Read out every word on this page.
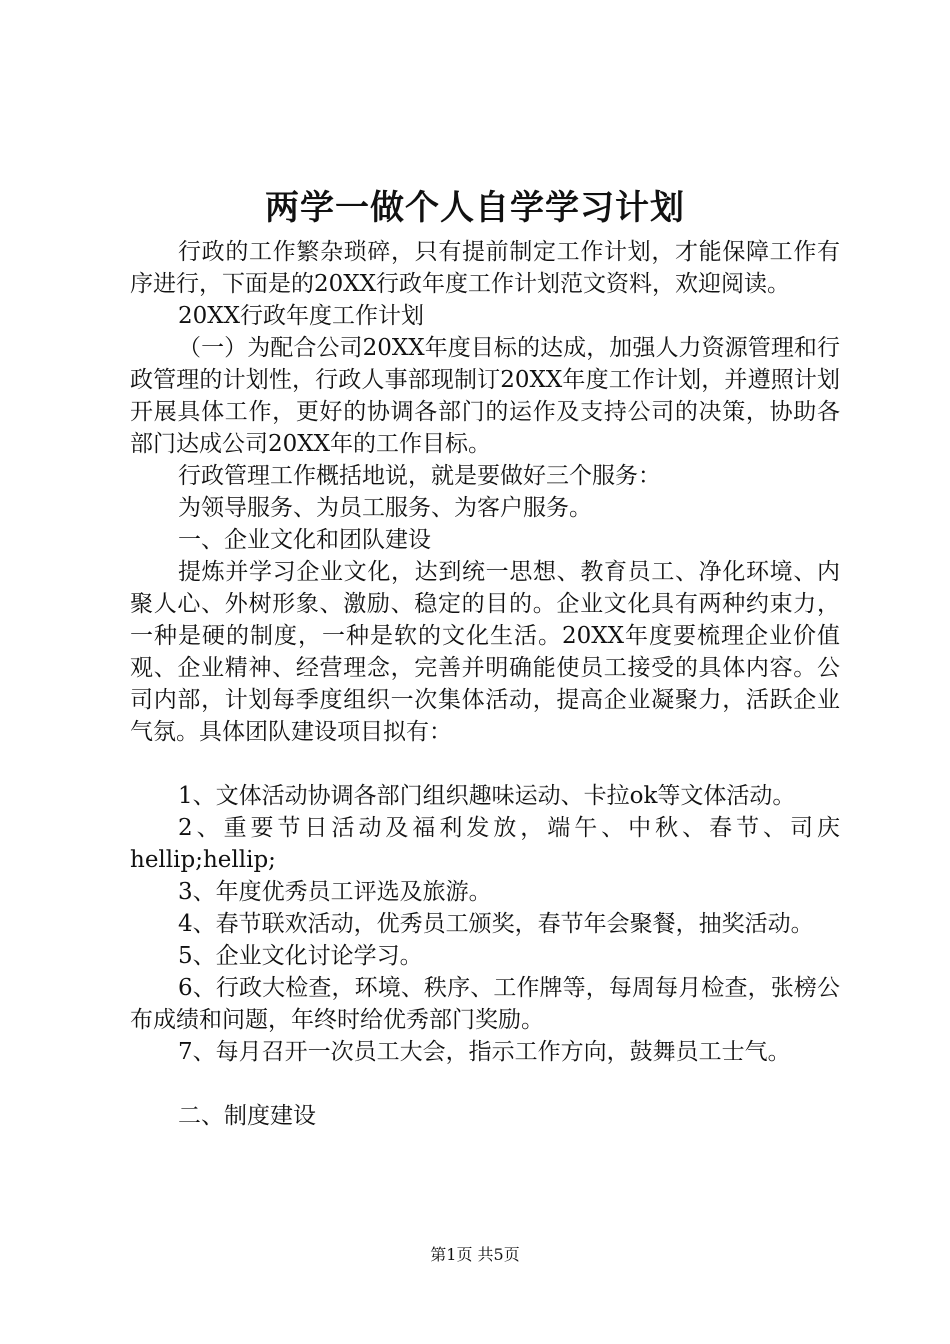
两学一做个人自学学习计划

行政的工作繁杂琐碎，只有提前制定工作计划，才能保障工作有序进行，下面是的20XX行政年度工作计划范文资料，欢迎阅读。

20XX行政年度工作计划

（一）为配合公司20XX年度目标的达成，加强人力资源管理和行政管理的计划性，行政人事部现制订20XX年度工作计划，并遵照计划开展具体工作，更好的协调各部门的运作及支持公司的决策，协助各部门达成公司20XX年的工作目标。

行政管理工作概括地说，就是要做好三个服务：

为领导服务、为员工服务、为客户服务。

一、企业文化和团队建设

提炼并学习企业文化，达到统一思想、教育员工、净化环境、内聚人心、外树形象、激励、稳定的目的。企业文化具有两种约束力，一种是硬的制度，一种是软的文化生活。20XX年度要梳理企业价值观、企业精神、经营理念，完善并明确能使员工接受的具体内容。公司内部，计划每季度组织一次集体活动，提高企业凝聚力，活跃企业气氛。具体团队建设项目拟有：

1、文体活动协调各部门组织趣味运动、卡拉ok等文体活动。

2、重要节日活动及福利发放，端午、中秋、春节、司庆hellip;hellip;

3、年度优秀员工评选及旅游。

4、春节联欢活动，优秀员工颁奖，春节年会聚餐，抽奖活动。

5、企业文化讨论学习。

6、行政大检查，环境、秩序、工作牌等，每周每月检查，张榜公布成绩和问题，年终时给优秀部门奖励。

7、每月召开一次员工大会，指示工作方向，鼓舞员工士气。

二、制度建设

第1页 共5页
